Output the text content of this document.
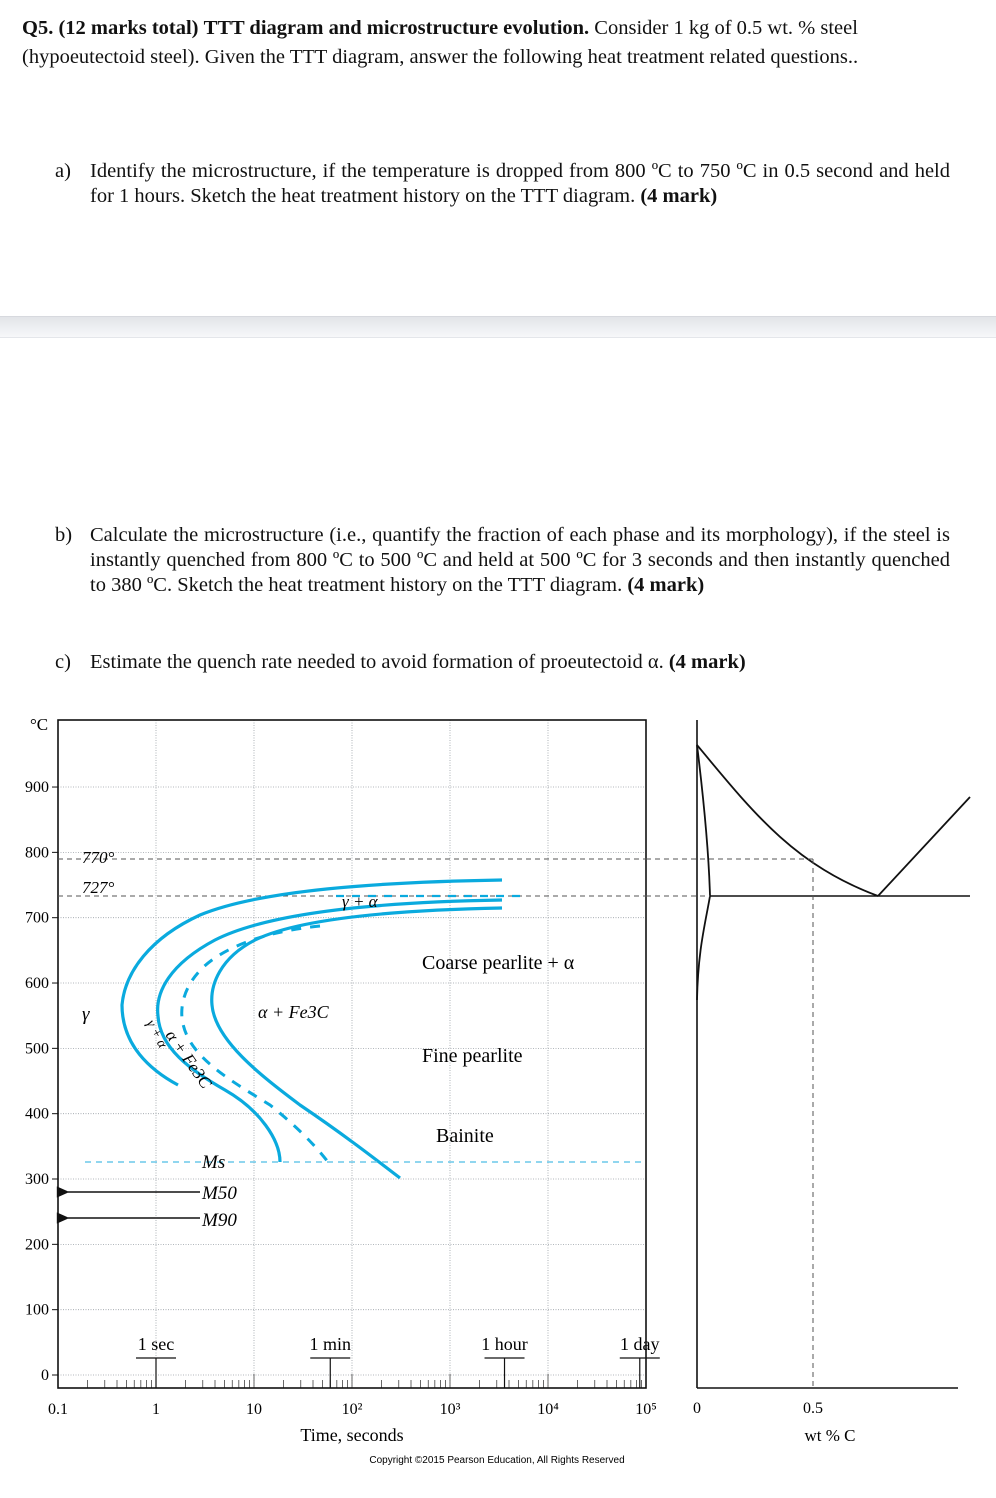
Q5. (12 marks total) TTT diagram and microstructure evolution. Consider 1 kg of 0.5 wt. % steel (hypoeutectoid steel). Given the TTT diagram, answer the following heat treatment related questions..
a) Identify the microstructure, if the temperature is dropped from 800 ºC to 750 ºC in 0.5 second and held for 1 hours. Sketch the heat treatment history on the TTT diagram. (4 mark)
b) Calculate the microstructure (i.e., quantify the fraction of each phase and its morphology), if the steel is instantly quenched from 800 ºC to 500 ºC and held at 500 ºC for 3 seconds and then instantly quenched to 380 ºC. Sketch the heat treatment history on the TTT diagram. (4 mark)
c) Estimate the quench rate needed to avoid formation of proeutectoid α. (4 mark)
°C
900
800
700
600
500
400
300
200
100
0
0.1	1	10	10²	10³	10⁴	10⁵
Time, seconds
1 sec	1 min	1 hour	1 day
770°
727°
Ms
M50
M90
γ
γ + α
γ + α
α + Fe3C
α + Fe3C
Coarse pearlite + α
Fine pearlite
Bainite
Copyright ©2015 Pearson Education, All Rights Reserved
0	0.5
wt % C
